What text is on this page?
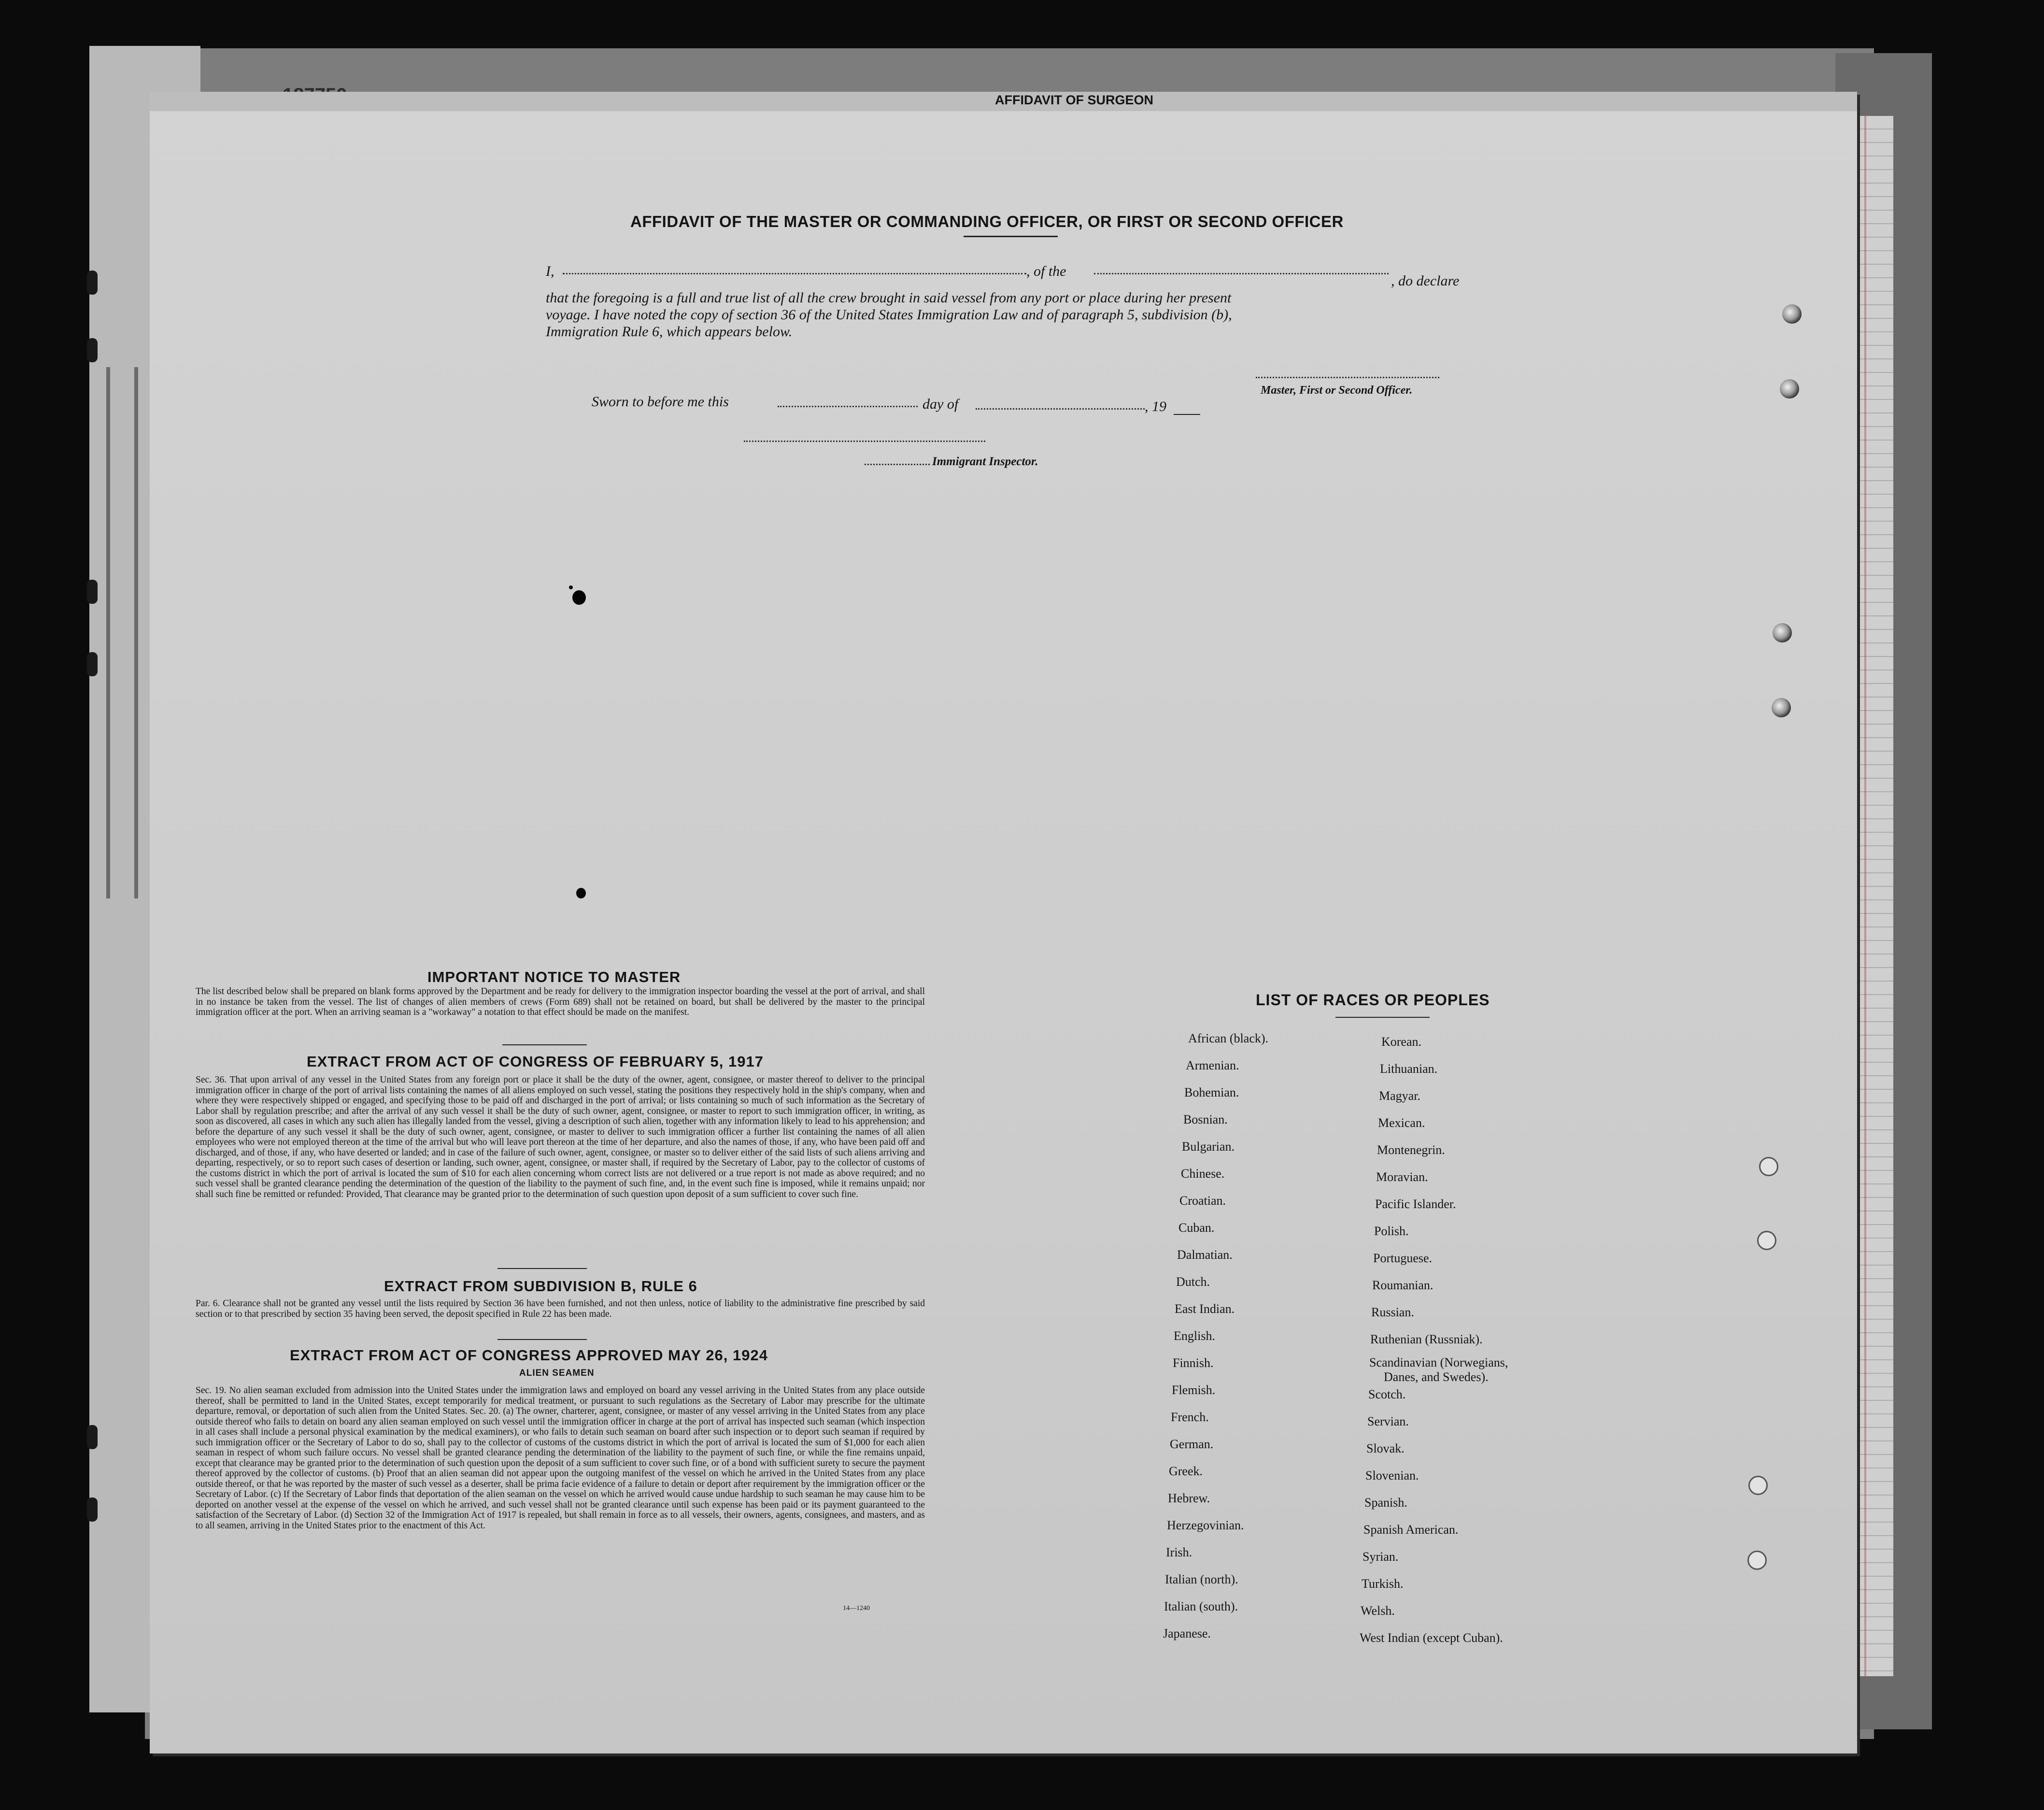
AFFIDAVIT OF SURGEON
AFFIDAVIT OF THE MASTER OR COMMANDING OFFICER, OR FIRST OR SECOND OFFICER
I,	, of the
, do declare
that the foregoing is a full and true list of all the crew brought in said vessel from any port or place during her present
voyage. I have noted the copy of section 36 of the United States Immigration Law and of paragraph 5, subdivision (b),
Immigration Rule 6, which appears below.
Master, First or Second Officer.
Sworn to before me this	day of	, 19
Immigrant Inspector.
IMPORTANT NOTICE TO MASTER
The list described below shall be prepared on blank forms approved by the Department and be ready for delivery to the immigration inspector boarding the vessel at the port of arrival, and shall in no instance be taken from the vessel. The list of changes of alien members of crews (Form 689) shall not be retained on board, but shall be delivered by the master to the principal immigration officer at the port. When an arriving seaman is a "workaway" a notation to that effect should be made on the manifest.
EXTRACT FROM ACT OF CONGRESS OF FEBRUARY 5, 1917
Sec. 36. That upon arrival of any vessel in the United States from any foreign port or place it shall be the duty of the owner, agent, consignee, or master thereof to deliver to the principal immigration officer in charge of the port of arrival lists containing the names of all aliens employed on such vessel, stating the positions they respectively hold in the ship's company, when and where they were respectively shipped or engaged, and specifying those to be paid off and discharged in the port of arrival; or lists containing so much of such information as the Secretary of Labor shall by regulation prescribe; and after the arrival of any such vessel it shall be the duty of such owner, agent, consignee, or master to report to such immigration officer, in writing, as soon as discovered, all cases in which any such alien has illegally landed from the vessel, giving a description of such alien, together with any information likely to lead to his apprehension; and before the departure of any such vessel it shall be the duty of such owner, agent, consignee, or master to deliver to such immigration officer a further list containing the names of all alien employees who were not employed thereon at the time of the arrival but who will leave port thereon at the time of her departure, and also the names of those, if any, who have been paid off and discharged, and of those, if any, who have deserted or landed; and in case of the failure of such owner, agent, consignee, or master so to deliver either of the said lists of such aliens arriving and departing, respectively, or so to report such cases of desertion or landing, such owner, agent, consignee, or master shall, if required by the Secretary of Labor, pay to the collector of customs of the customs district in which the port of arrival is located the sum of $10 for each alien concerning whom correct lists are not delivered or a true report is not made as above required; and no such vessel shall be granted clearance pending the determination of the question of the liability to the payment of such fine, and, in the event such fine is imposed, while it remains unpaid; nor shall such fine be remitted or refunded: Provided, That clearance may be granted prior to the determination of such question upon deposit of a sum sufficient to cover such fine.
EXTRACT FROM SUBDIVISION B, RULE 6
Par. 6. Clearance shall not be granted any vessel until the lists required by Section 36 have been furnished, and not then unless, notice of liability to the administrative fine prescribed by said section or to that prescribed by section 35 having been served, the deposit specified in Rule 22 has been made.
EXTRACT FROM ACT OF CONGRESS APPROVED MAY 26, 1924
ALIEN SEAMEN
Sec. 19. No alien seaman excluded from admission into the United States under the immigration laws and employed on board any vessel arriving in the United States from any place outside thereof, shall be permitted to land in the United States, except temporarily for medical treatment, or pursuant to such regulations as the Secretary of Labor may prescribe for the ultimate departure, removal, or deportation of such alien from the United States. Sec. 20. (a) The owner, charterer, agent, consignee, or master of any vessel arriving in the United States from any place outside thereof who fails to detain on board any alien seaman employed on such vessel until the immigration officer in charge at the port of arrival has inspected such seaman (which inspection in all cases shall include a personal physical examination by the medical examiners), or who fails to detain such seaman on board after such inspection or to deport such seaman if required by such immigration officer or the Secretary of Labor to do so, shall pay to the collector of customs of the customs district in which the port of arrival is located the sum of $1,000 for each alien seaman in respect of whom such failure occurs. No vessel shall be granted clearance pending the determination of the liability to the payment of such fine, or while the fine remains unpaid, except that clearance may be granted prior to the determination of such question upon the deposit of a sum sufficient to cover such fine, or of a bond with sufficient surety to secure the payment thereof approved by the collector of customs. (b) Proof that an alien seaman did not appear upon the outgoing manifest of the vessel on which he arrived in the United States from any place outside thereof, or that he was reported by the master of such vessel as a deserter, shall be prima facie evidence of a failure to detain or deport after requirement by the immigration officer or the Secretary of Labor. (c) If the Secretary of Labor finds that deportation of the alien seaman on the vessel on which he arrived would cause undue hardship to such seaman he may cause him to be deported on another vessel at the expense of the vessel on which he arrived, and such vessel shall not be granted clearance until such expense has been paid or its payment guaranteed to the satisfaction of the Secretary of Labor. (d) Section 32 of the Immigration Act of 1917 is repealed, but shall remain in force as to all vessels, their owners, agents, consignees, and masters, and as to all seamen, arriving in the United States prior to the enactment of this Act.
14—1240
LIST OF RACES OR PEOPLES
African (black).
Armenian.
Bohemian.
Bosnian.
Bulgarian.
Chinese.
Croatian.
Cuban.
Dalmatian.
Dutch.
East Indian.
English.
Finnish.
Flemish.
French.
German.
Greek.
Hebrew.
Herzegovinian.
Irish.
Italian (north).
Italian (south).
Japanese.
Korean.
Lithuanian.
Magyar.
Mexican.
Montenegrin.
Moravian.
Pacific Islander.
Polish.
Portuguese.
Roumanian.
Russian.
Ruthenian (Russniak).
Scandinavian (Norwegians,
Danes, and Swedes).
Scotch.
Servian.
Slovak.
Slovenian.
Spanish.
Spanish American.
Syrian.
Turkish.
Welsh.
West Indian (except Cuban).
